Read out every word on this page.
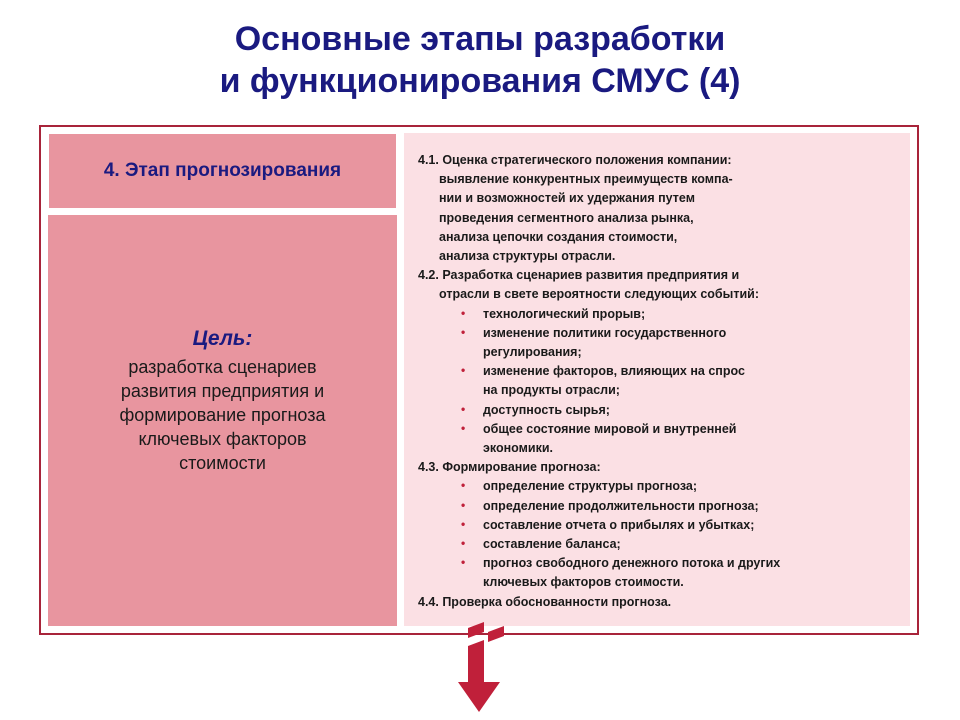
Основные этапы разработки
и функционирования СМУС (4)
4. Этап прогнозирования
Цель:
разработка сценариев
развития предприятия и
формирование прогноза
ключевых факторов
стоимости
4.1. Оценка стратегического положения компании:
выявление конкурентных преимуществ компа-
нии и возможностей их удержания путем
проведения сегментного анализа рынка,
анализа цепочки создания стоимости,
анализа структуры отрасли.
4.2. Разработка сценариев развития предприятия и
отрасли в свете вероятности следующих событий:
• технологический прорыв;
• изменение политики государственного
регулирования;
• изменение факторов, влияющих на спрос
на продукты отрасли;
• доступность сырья;
• общее состояние мировой и внутренней
экономики.
4.3. Формирование прогноза:
• определение структуры прогноза;
• определение продолжительности прогноза;
• составление отчета о прибылях и убытках;
• составление баланса;
• прогноз свободного денежного потока и других
ключевых факторов стоимости.
4.4. Проверка обоснованности прогноза.
